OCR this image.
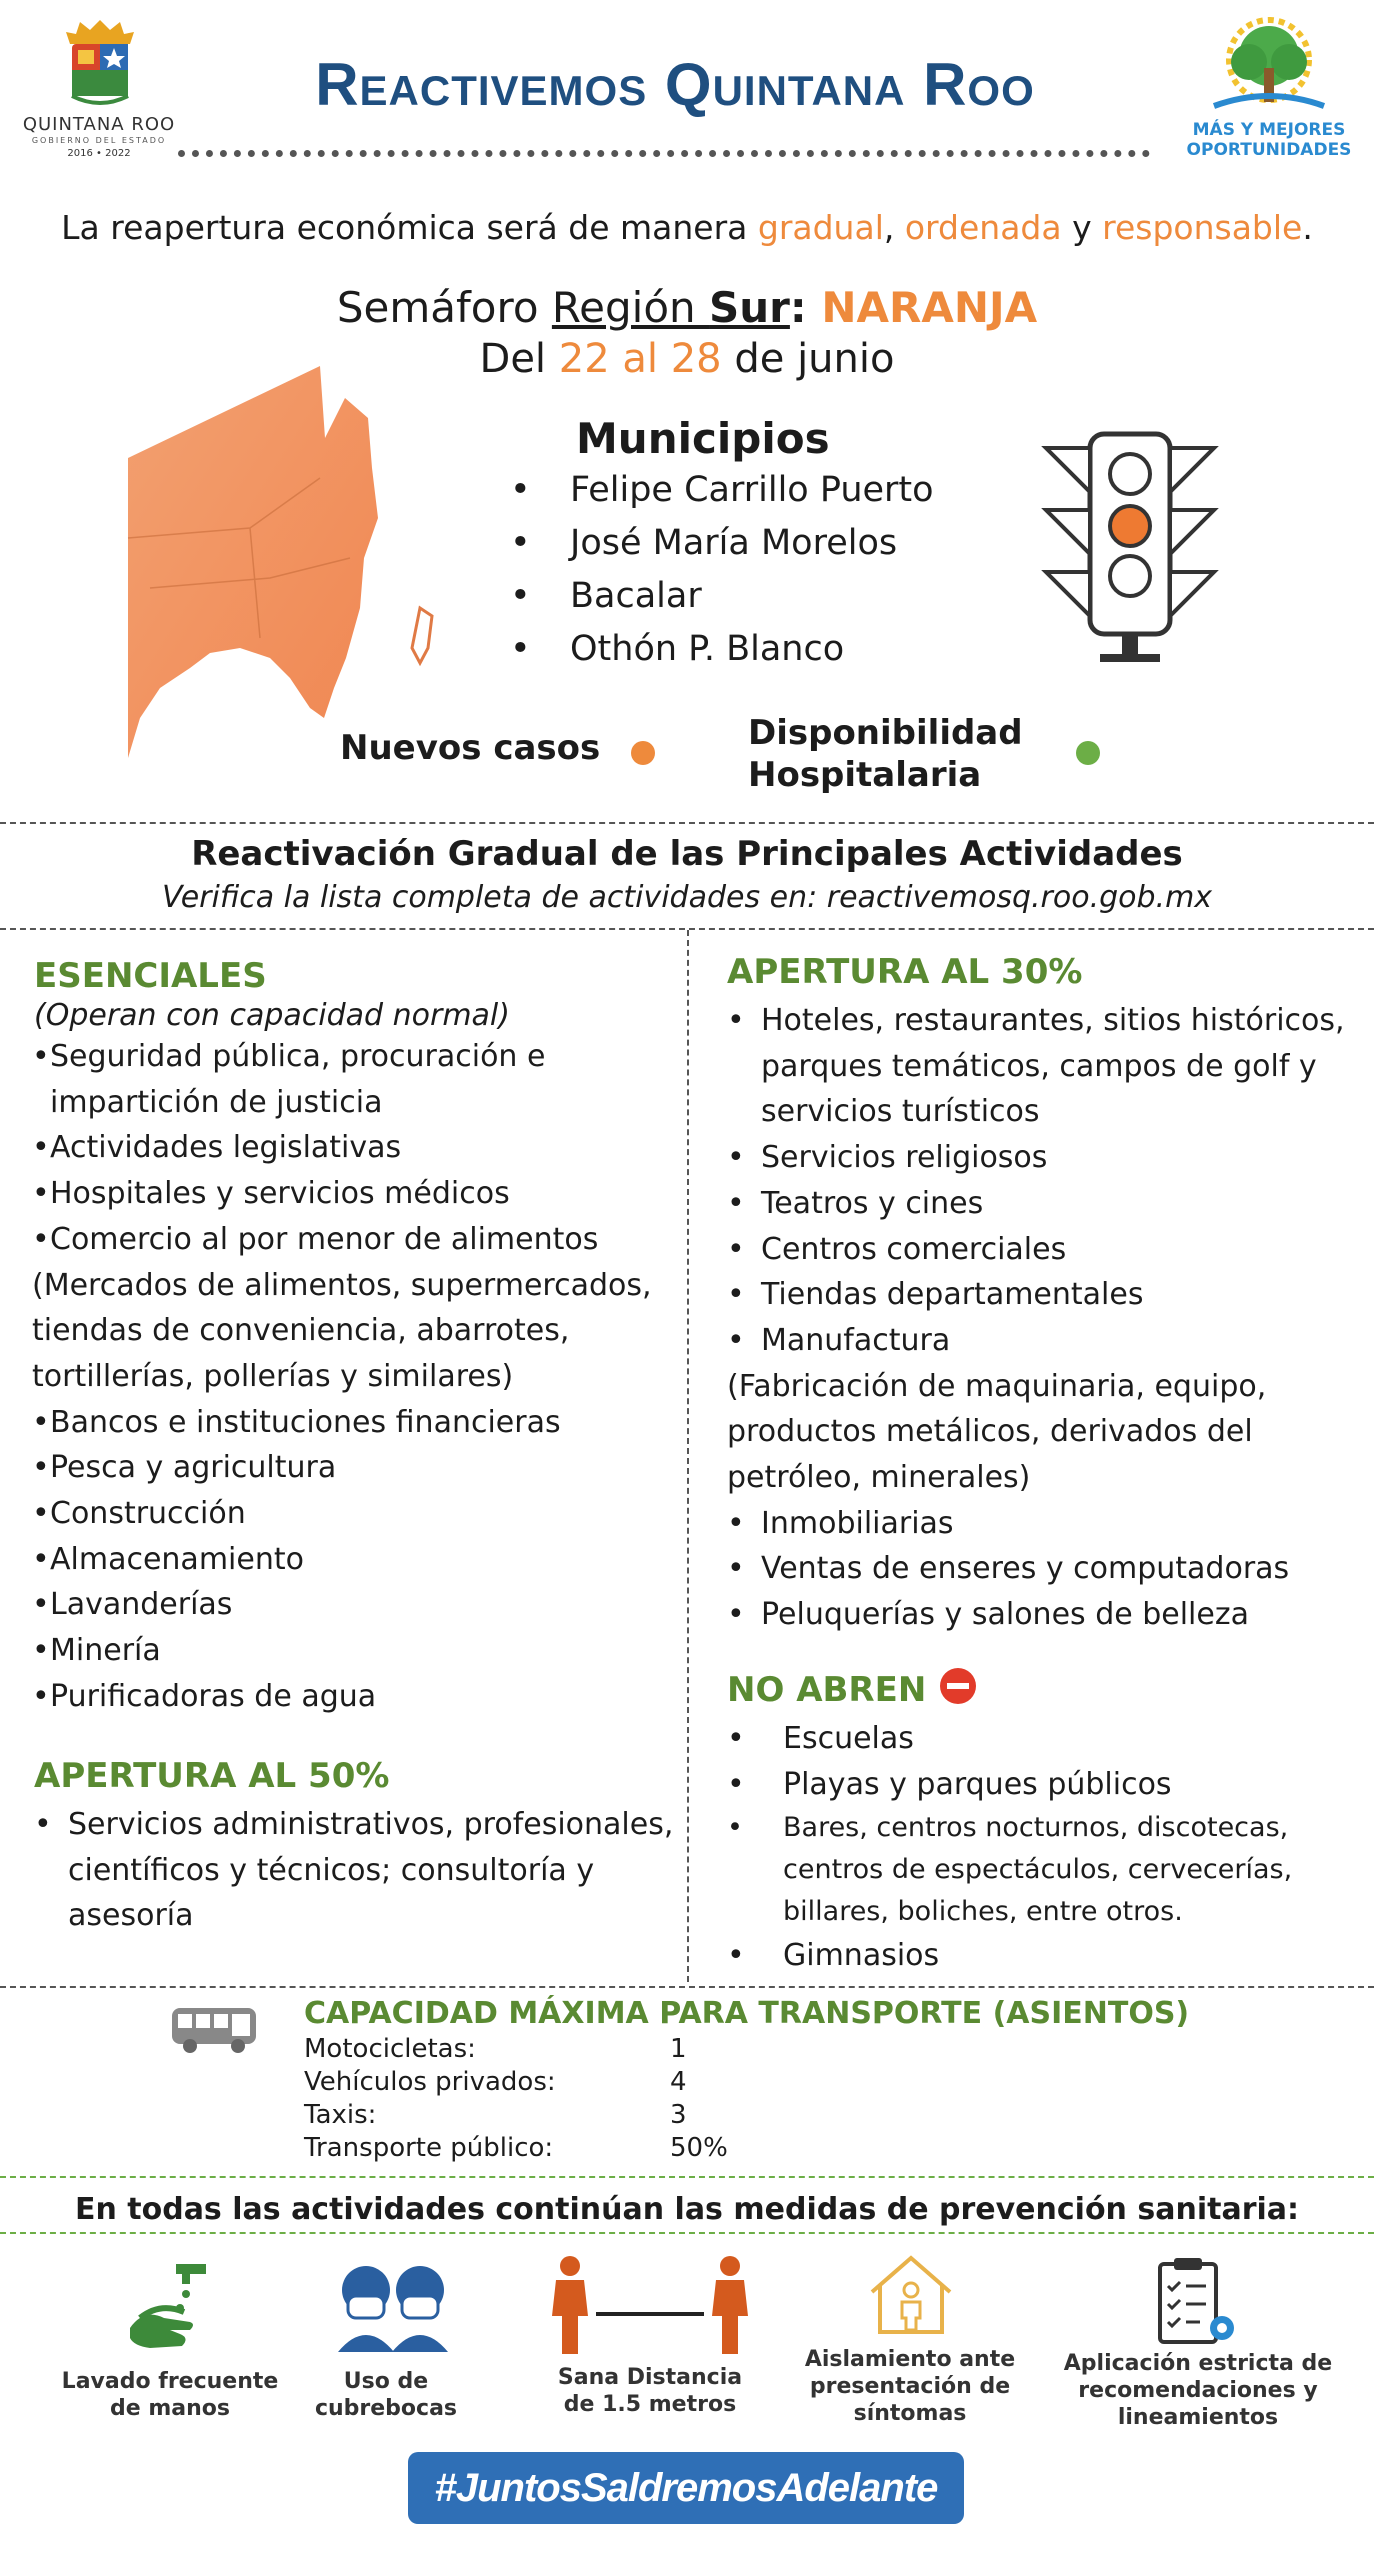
QUINTANA ROO
GOBIERNO DEL ESTADO
2016 • 2022
Reactivemos Quintana Roo
MÁS Y MEJORES
OPORTUNIDADES
La reapertura económica será de manera gradual, ordenada y responsable.
Semáforo Región Sur: NARANJA
Del 22 al 28 de junio
Municipios
• Felipe Carrillo Puerto
• José María Morelos
• Bacalar
• Othón P. Blanco
Nuevos casos	Disponibilidad
Hospitalaria
Reactivación Gradual de las Principales Actividades
Verifica la lista completa de actividades en: reactivemosq.roo.gob.mx
ESENCIALES
(Operan con capacidad normal)
• Seguridad pública, procuración e
impartición de justicia
• Actividades legislativas
• Hospitales y servicios médicos
• Comercio al por menor de alimentos
(Mercados de alimentos, supermercados,
tiendas de conveniencia, abarrotes,
tortillerías, pollerías y similares)
• Bancos e instituciones financieras
• Pesca y agricultura
• Construcción
• Almacenamiento
• Lavanderías
• Minería
• Purificadoras de agua
APERTURA AL 50%
• Servicios administrativos, profesionales,
científicos y técnicos; consultoría y
asesoría
APERTURA AL 30%
• Hoteles, restaurantes, sitios históricos,
parques temáticos, campos de golf y
servicios turísticos
• Servicios religiosos
• Teatros y cines
• Centros comerciales
• Tiendas departamentales
• Manufactura
(Fabricación de maquinaria, equipo,
productos metálicos, derivados del
petróleo, minerales)
• Inmobiliarias
• Ventas de enseres y computadoras
• Peluquerías y salones de belleza
NO ABREN
• Escuelas
• Playas y parques públicos
• Bares, centros nocturnos, discotecas,
centros de espectáculos, cervecerías,
billares, boliches, entre otros.
• Gimnasios
CAPACIDAD MÁXIMA PARA TRANSPORTE (ASIENTOS)
Motocicletas:	1
Vehículos privados:	4
Taxis:	3
Transporte público:	50%
En todas las actividades continúan las medidas de prevención sanitaria:
Lavado frecuente
de manos
Uso de
cubrebocas
Sana Distancia
de 1.5 metros
Aislamiento ante
presentación de
síntomas
Aplicación estricta de
recomendaciones y
lineamientos
#JuntosSaldremosAdelante
